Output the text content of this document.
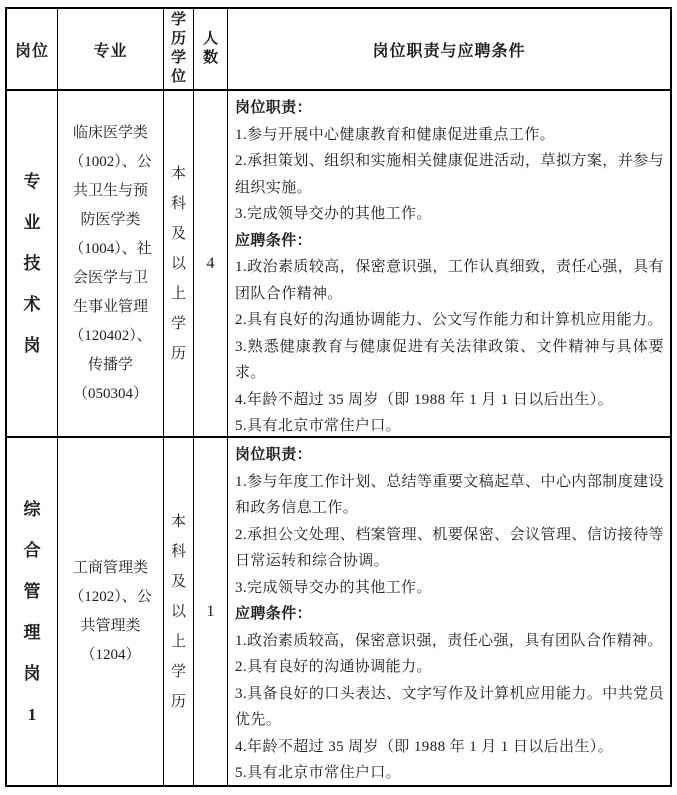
岗位	专业
学
历
学
位
人
数	岗位职责与应聘条件
专
业
技
术
岗
临床医学类
（1002）、公
共卫生与预
防医学类
（1004）、社
会医学与卫
生事业管理
（120402）、
传播学
（050304）
本
科
及
以
上
学
历
4
岗位职责：
1.参与开展中心健康教育和健康促进重点工作。
2.承担策划、组织和实施相关健康促进活动，草拟方案，并参与组织实施。
3.完成领导交办的其他工作。
应聘条件：
1.政治素质较高，保密意识强，工作认真细致，责任心强，具有团队合作精神。
2.具有良好的沟通协调能力、公文写作能力和计算机应用能力。
3.熟悉健康教育与健康促进有关法律政策、文件精神与具体要求。
4.年龄不超过 35 周岁（即 1988 年 1 月 1 日以后出生）。
5.具有北京市常住户口。
综
合
管
理
岗
1
工商管理类
（1202）、公
共管理类
（1204）
本
科
及
以
上
学
历
1
岗位职责：
1.参与年度工作计划、总结等重要文稿起草、中心内部制度建设和政务信息工作。
2.承担公文处理、档案管理、机要保密、会议管理、信访接待等日常运转和综合协调。
3.完成领导交办的其他工作。
应聘条件：
1.政治素质较高，保密意识强，责任心强，具有团队合作精神。
2.具有良好的沟通协调能力。
3.具备良好的口头表达、文字写作及计算机应用能力。中共党员优先。
4.年龄不超过 35 周岁（即 1988 年 1 月 1 日以后出生）。
5.具有北京市常住户口。
